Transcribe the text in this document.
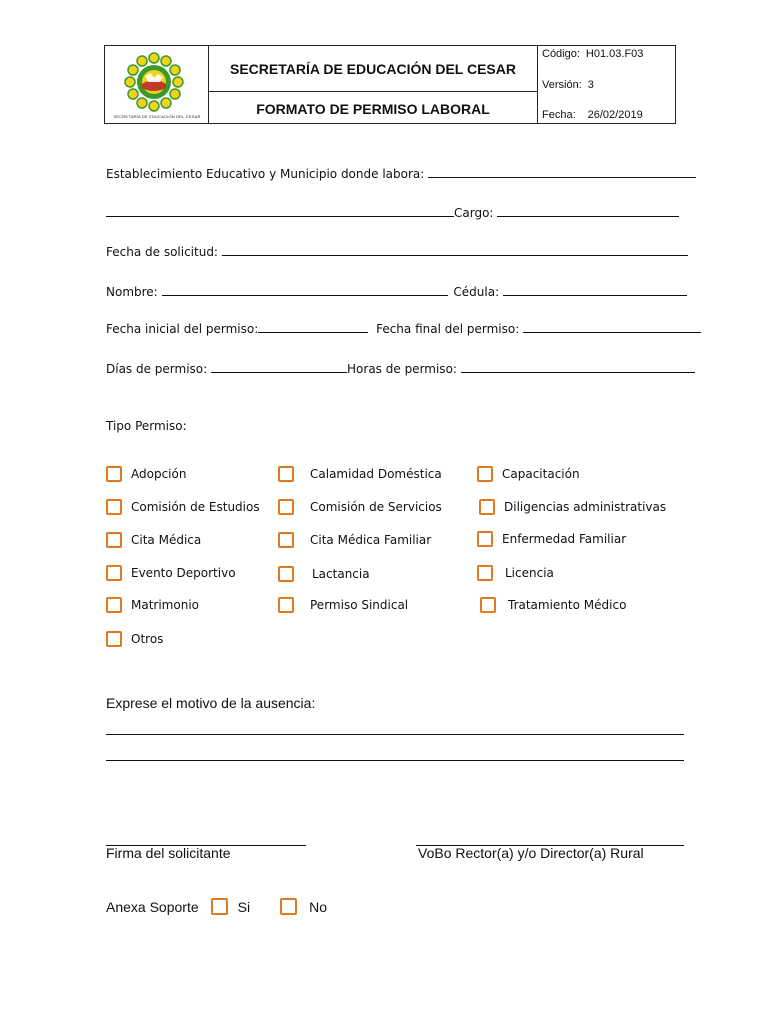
SECRETARÍA DE EDUCACIÓN DEL CESAR
SECRETARÍA DE EDUCACIÓN DEL CESAR
FORMATO DE PERMISO LABORAL
Código: H01.03.F03
Versión: 3
Fecha: 26/02/2019
Establecimiento Educativo y Municipio donde labora:
Cargo:
Fecha de solicitud:
Nombre:	Cédula:
Fecha inicial del permiso:	Fecha final del permiso:
Días de permiso:	Horas de permiso:
Tipo Permiso:
Adopción	Calamidad Doméstica	Capacitación
Comisión de Estudios	Comisión de Servicios	Diligencias administrativas
Cita Médica	Cita Médica Familiar	Enfermedad Familiar
Evento Deportivo	Lactancia	Licencia
Matrimonio	Permiso Sindical	Tratamiento Médico
Otros
Exprese el motivo de la ausencia:
Firma del solicitante	VoBo Rector(a) y/o Director(a) Rural
Anexa Soporte	Si	No
